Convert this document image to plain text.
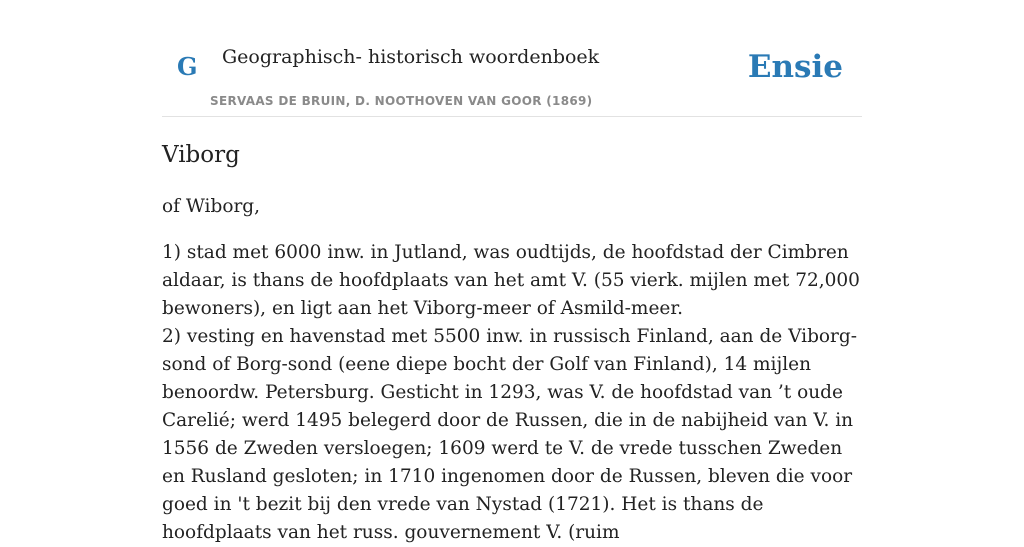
G Geographisch- historisch woordenboek
SERVAAS DE BRUIN, D. NOOTHOVEN VAN GOOR (1869)
Ensie
Viborg

of Wiborg,

1) stad met 6000 inw. in Jutland, was oudtijds, de hoofdstad der Cimbren aldaar, is thans de hoofdplaats van het amt V. (55 vierk. mijlen met 72,000 bewoners), en ligt aan het Viborg-meer of Asmild-meer.

2) vesting en havenstad met 5500 inw. in russisch Finland, aan de Viborg-sond of Borg-sond (eene diepe bocht der Golf van Finland), 14 mijlen benoordw. Petersburg. Gesticht in 1293, was V. de hoofdstad van ’t oude Carelié; werd 1495 belegerd door de Russen, die in de nabijheid van V. in 1556 de Zweden versloegen; 1609 werd te V. de vrede tusschen Zweden en Rusland gesloten; in 1710 ingenomen door de Russen, bleven die voor goed in 't bezit bij den vrede van Nystad (1721). Het is thans de hoofdplaats van het russ. gouvernement V. (ruim
